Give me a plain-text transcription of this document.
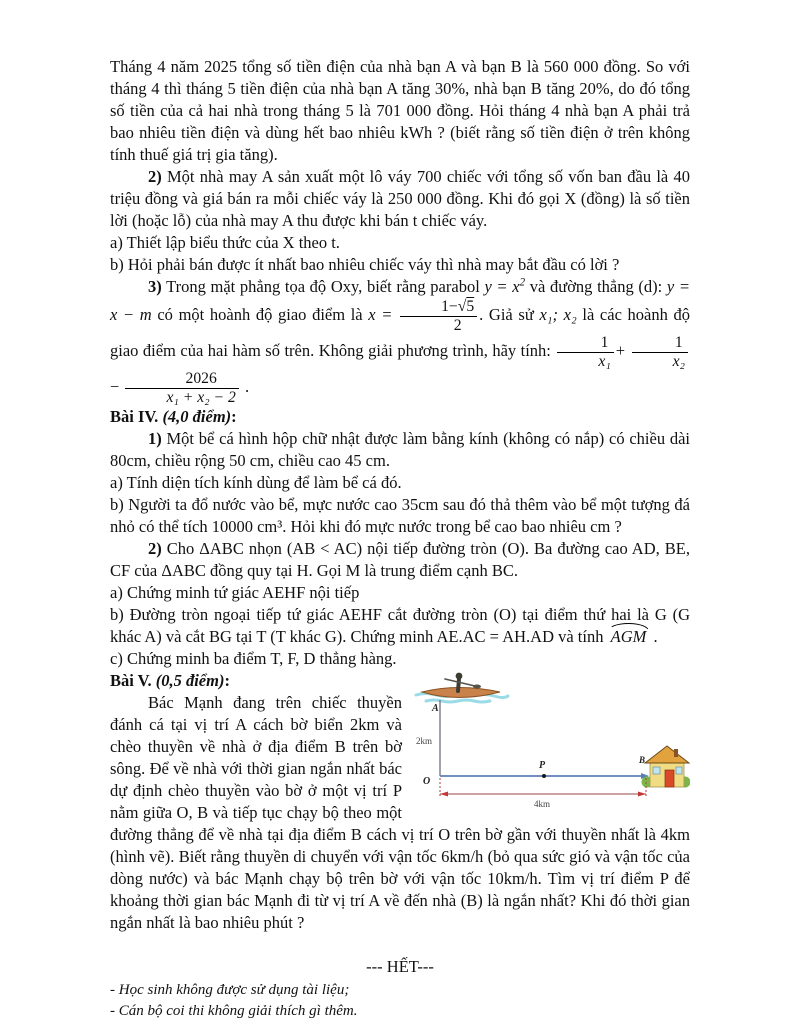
Tháng 4 năm 2025 tổng số tiền điện của nhà bạn A và bạn B là 560 000 đồng. So với tháng 4 thì tháng 5 tiền điện của nhà bạn A tăng 30%, nhà bạn B tăng 20%, do đó tổng số tiền của cả hai nhà trong tháng 5 là 701 000 đồng. Hỏi tháng 4 nhà bạn A phải trả bao nhiêu tiền điện và dùng hết bao nhiêu kWh ? (biết rằng số tiền điện ở trên không tính thuế giá trị gia tăng).

2) Một nhà may A sản xuất một lô váy 700 chiếc với tổng số vốn ban đầu là 40 triệu đồng và giá bán ra mỗi chiếc váy là 250 000 đồng. Khi đó gọi X (đồng) là số tiền lời (hoặc lỗ) của nhà may A thu được khi bán t chiếc váy.

a) Thiết lập biểu thức của X theo t.

b) Hỏi phải bán được ít nhất bao nhiêu chiếc váy thì nhà may bắt đầu có lời ?

3) Trong mặt phẳng tọa độ Oxy, biết rằng parabol $y = x^2$ và đường thẳng (d): y = x − m có một hoành độ giao điểm là $x = \frac{1-√5}{2}$ . Giả sử x₁; x₂ là các hoành độ giao điểm của hai hàm số trên. Không giải phương trình, hãy tính: $\frac{1}{\text{x₁}} + \frac{1}{\text{x₂}}$
− $\frac{2026}{\text{x₁ + x₂ − 2}}$ .

Bài IV. (4,0 điểm):

1) Một bể cá hình hộp chữ nhật được làm bằng kính (không có nắp) có chiều dài 80cm, chiều rộng 50 cm, chiều cao 45 cm.

a) Tính diện tích kính dùng để làm bể cá đó.

b) Người ta đổ nước vào bể, mực nước cao 35cm sau đó thả thêm vào bể một tượng đá nhỏ có thể tích 10000 cm³. Hỏi khi đó mực nước trong bể cao bao nhiêu cm ?

2) Cho ΔABC nhọn (AB < AC) nội tiếp đường tròn (O). Ba đường cao AD, BE, CF của ΔABC đồng quy tại H. Gọi M là trung điểm cạnh BC.

a) Chứng minh tứ giác AEHF nội tiếp

b) Đường tròn ngoại tiếp tứ giác AEHF cắt đường tròn (O) tại điểm thứ hai là G (G khác A) và cắt BG tại T (T khác G). Chứng minh AE.AC = AH.AD và tính AGM .

c) Chứng minh ba điểm T, F, D thẳng hàng.

A
2km
O
P	B
4km

Bài V. (0,5 điểm):

Bác Mạnh đang trên chiếc thuyền đánh cá tại vị trí A cách bờ biển 2km và chèo thuyền về nhà ở địa điểm B trên bờ sông. Để về nhà với thời gian ngắn nhất bác dự định chèo thuyền vào bờ ở một vị trí P nằm giữa O, B và tiếp tục chạy bộ theo một đường thẳng để về nhà tại địa điểm B cách vị trí O trên bờ gần với thuyền nhất là 4km (hình vẽ). Biết rằng thuyền di chuyển với vận tốc 6km/h (bỏ qua sức gió và vận tốc của dòng nước) và bác Mạnh chạy bộ trên bờ với vận tốc 10km/h. Tìm vị trí điểm P để khoảng thời gian bác Mạnh đi từ vị trí A về đến nhà (B) là ngắn nhất? Khi đó thời gian ngắn nhất là bao nhiêu phút ?

--- HẾT---

- Học sinh không được sử dụng tài liệu;

- Cán bộ coi thi không giải thích gì thêm.
